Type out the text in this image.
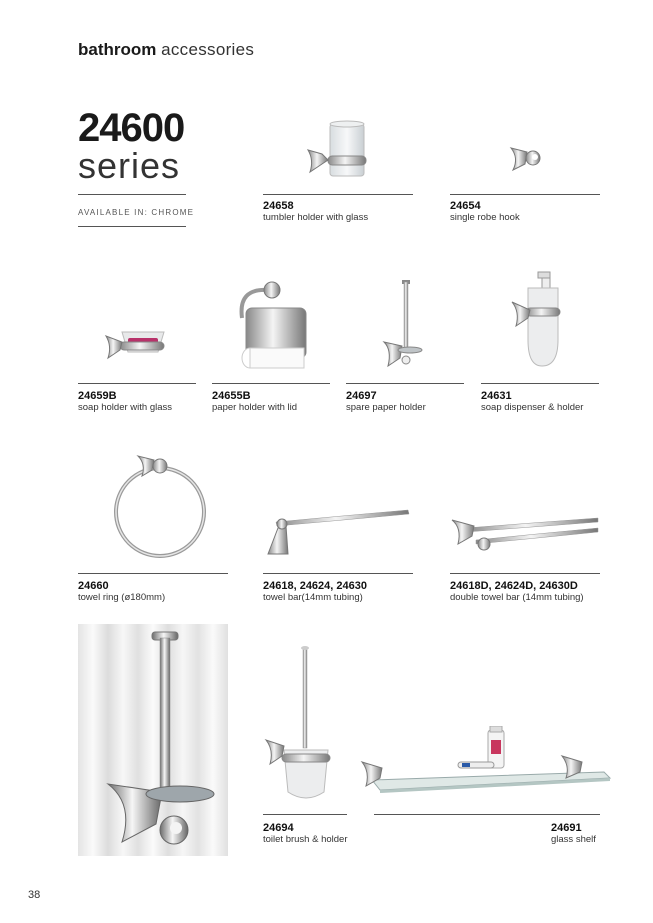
bathroom accessories
24600
series
AVAILABLE IN: CHROME
24658
tumbler holder with glass
24654
single robe hook
24659B
soap holder with glass
24655B
paper holder with lid
24697
spare paper holder
24631
soap dispenser & holder
24660
towel ring (ø180mm)
24618, 24624, 24630
towel bar(14mm tubing)
24618D, 24624D, 24630D
double towel bar (14mm tubing)
24694
toilet brush & holder
24691
glass shelf
38
